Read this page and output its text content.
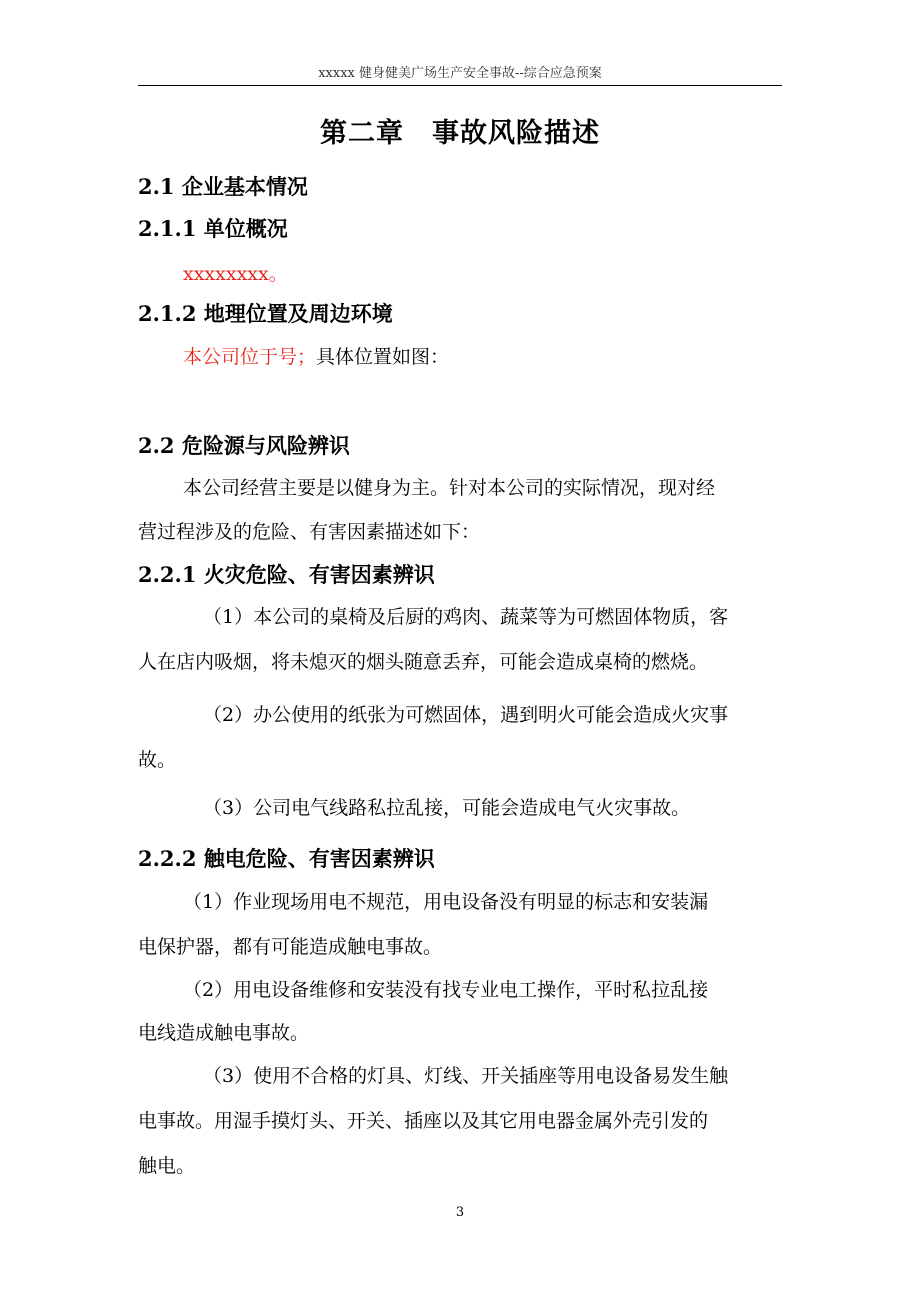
xxxxx 健身健美广场生产安全事故--综合应急预案
第二章　事故风险描述
2.1 企业基本情况
2.1.1 单位概况
xxxxxxxx。
2.1.2 地理位置及周边环境
本公司位于号；具体位置如图：
2.2 危险源与风险辨识
本公司经营主要是以健身为主。针对本公司的实际情况，现对经
营过程涉及的危险、有害因素描述如下：
2.2.1 火灾危险、有害因素辨识
（1）本公司的桌椅及后厨的鸡肉、蔬菜等为可燃固体物质，客
人在店内吸烟，将未熄灭的烟头随意丢弃，可能会造成桌椅的燃烧。
（2）办公使用的纸张为可燃固体，遇到明火可能会造成火灾事
故。
（3）公司电气线路私拉乱接，可能会造成电气火灾事故。
2.2.2 触电危险、有害因素辨识
（1）作业现场用电不规范，用电设备没有明显的标志和安装漏
电保护器，都有可能造成触电事故。
（2）用电设备维修和安装没有找专业电工操作，平时私拉乱接
电线造成触电事故。
（3）使用不合格的灯具、灯线、开关插座等用电设备易发生触
电事故。用湿手摸灯头、开关、插座以及其它用电器金属外壳引发的
触电。
3
